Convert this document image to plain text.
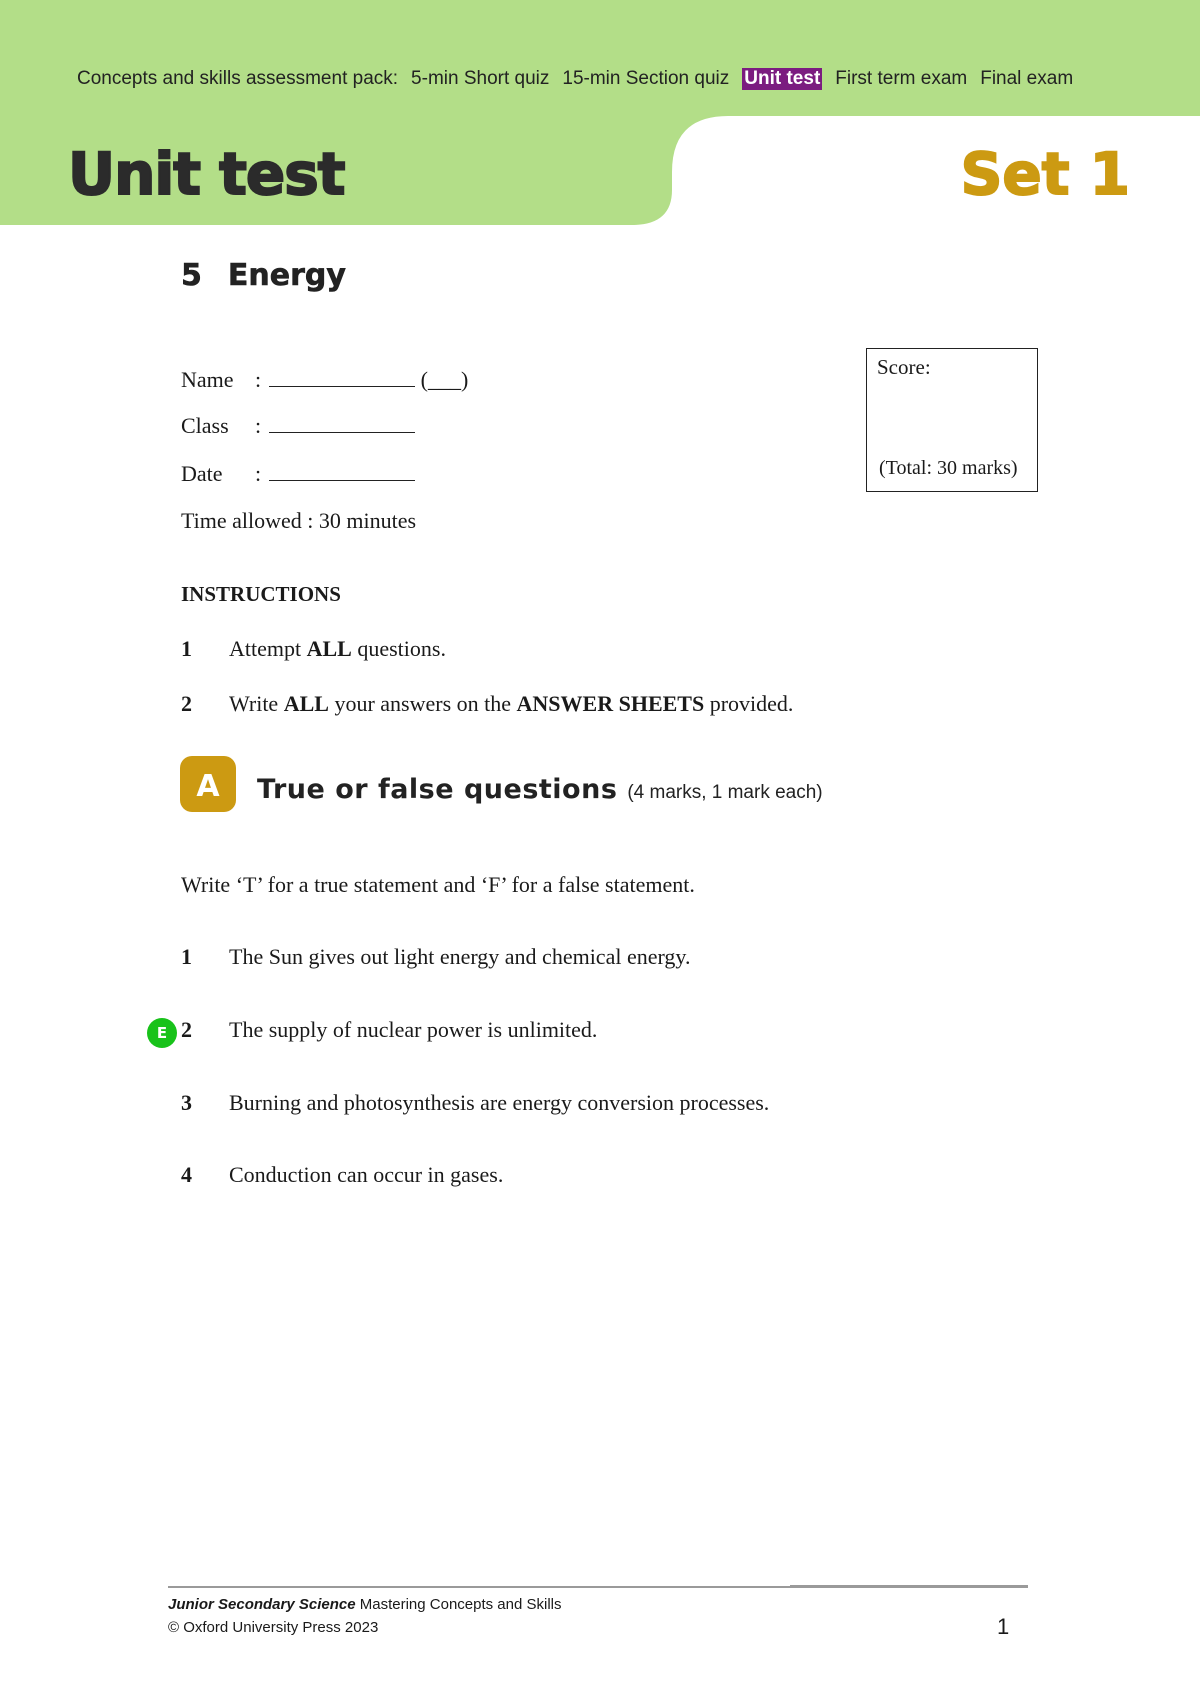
Concepts and skills assessment pack: 5-min Short quiz 15-min Section quiz Unit test First term exam Final exam
Unit test	Set 1
5 Energy
Name :	(___)
Class :
Date :
Time allowed : 30 minutes
Score:
(Total: 30 marks)
INSTRUCTIONS
1 Attempt ALL questions.
2 Write ALL your answers on the ANSWER SHEETS provided.
A	True or false questions (4 marks, 1 mark each)
Write ‘T’ for a true statement and ‘F’ for a false statement.
1 The Sun gives out light energy and chemical energy.
E 2 The supply of nuclear power is unlimited.
3 Burning and photosynthesis are energy conversion processes.
4 Conduction can occur in gases.
Junior Secondary Science Mastering Concepts and Skills
© Oxford University Press 2023	1
